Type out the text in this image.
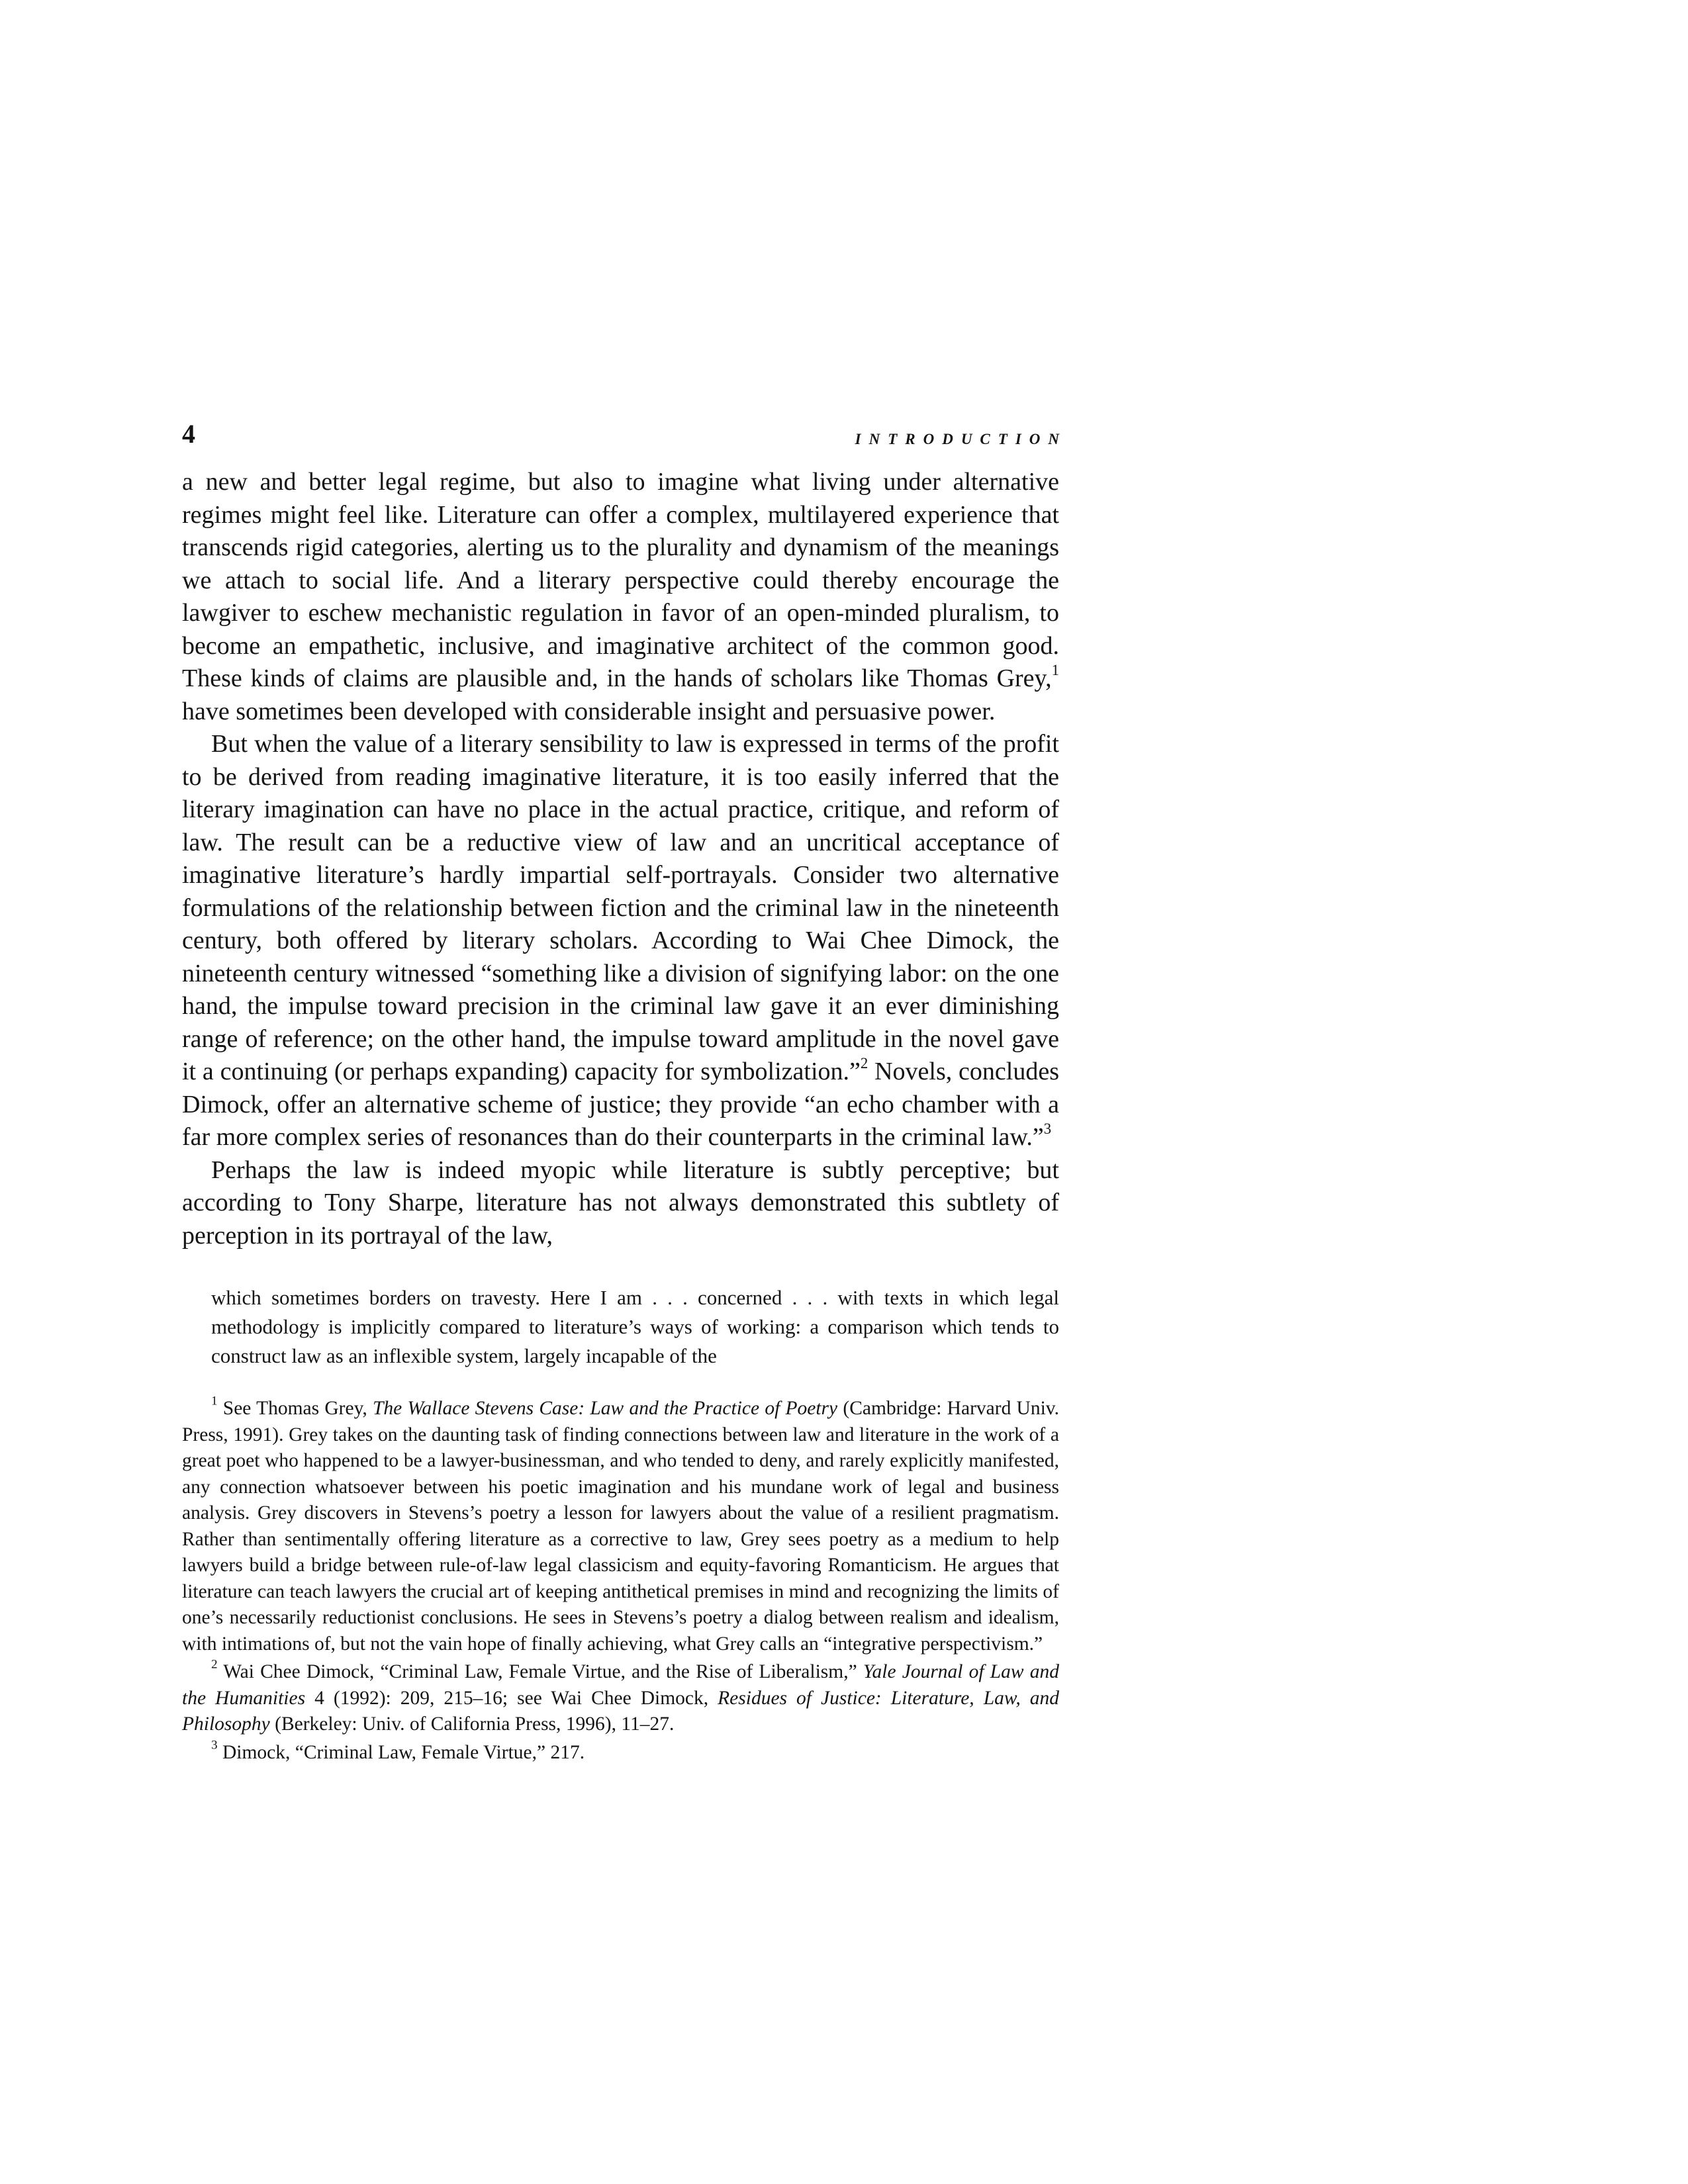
4	INTRODUCTION

a new and better legal regime, but also to imagine what living under alternative regimes might feel like. Literature can offer a complex, multilayered experience that transcends rigid categories, alerting us to the plurality and dynamism of the meanings we attach to social life. And a literary perspective could thereby encourage the lawgiver to eschew mechanistic regulation in favor of an open-minded pluralism, to become an empathetic, inclusive, and imaginative architect of the common good. These kinds of claims are plausible and, in the hands of scholars like Thomas Grey,$^1$ have sometimes been developed with considerable insight and persuasive power.

But when the value of a literary sensibility to law is expressed in terms of the profit to be derived from reading imaginative literature, it is too easily inferred that the literary imagination can have no place in the actual practice, critique, and reform of law. The result can be a reductive view of law and an uncritical acceptance of imaginative literature’s hardly impartial self-portrayals. Consider two alternative formulations of the relationship between fiction and the criminal law in the nineteenth century, both offered by literary scholars. According to Wai Chee Dimock, the nineteenth century witnessed “something like a division of signifying labor: on the one hand, the impulse toward precision in the criminal law gave it an ever diminishing range of reference; on the other hand, the impulse toward amplitude in the novel gave it a continuing (or perhaps expanding) capacity for symbolization.”$^2$ Novels, concludes Dimock, offer an alternative scheme of justice; they provide “an echo chamber with a far more complex series of resonances than do their counterparts in the criminal law.”$^3$

Perhaps the law is indeed myopic while literature is subtly perceptive; but according to Tony Sharpe, literature has not always demonstrated this subtlety of perception in its portrayal of the law,

which sometimes borders on travesty. Here I am . . . concerned . . . with texts in which legal methodology is implicitly compared to literature’s ways of working: a comparison which tends to construct law as an inflexible system, largely incapable of the

$^1$ See Thomas Grey, The Wallace Stevens Case: Law and the Practice of Poetry (Cambridge: Harvard Univ. Press, 1991). Grey takes on the daunting task of finding connections between law and literature in the work of a great poet who happened to be a lawyer-businessman, and who tended to deny, and rarely explicitly manifested, any connection whatsoever between his poetic imagination and his mundane work of legal and business analysis. Grey discovers in Stevens’s poetry a lesson for lawyers about the value of a resilient pragmatism. Rather than sentimentally offering literature as a corrective to law, Grey sees poetry as a medium to help lawyers build a bridge between rule-of-law legal classicism and equity-favoring Romanticism. He argues that literature can teach lawyers the crucial art of keeping antithetical premises in mind and recognizing the limits of one’s necessarily reductionist conclusions. He sees in Stevens’s poetry a dialog between realism and idealism, with intimations of, but not the vain hope of finally achieving, what Grey calls an “integrative perspectivism.”

$^2$ Wai Chee Dimock, “Criminal Law, Female Virtue, and the Rise of Liberalism,” Yale Journal of Law and the Humanities 4 (1992): 209, 215–16; see Wai Chee Dimock, Residues of Justice: Literature, Law, and Philosophy (Berkeley: Univ. of California Press, 1996), 11–27.

$^3$ Dimock, “Criminal Law, Female Virtue,” 217.
